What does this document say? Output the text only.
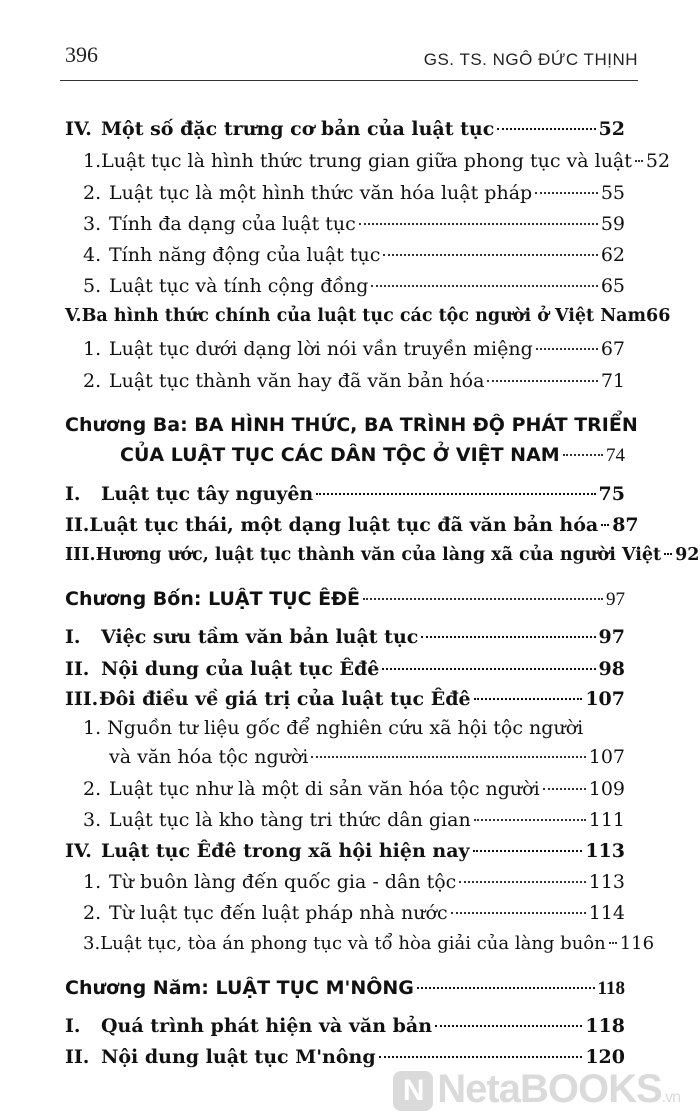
396	GS. TS. NGÔ ĐỨC THỊNH
IV. Một số đặc trưng cơ bản của luật tục	52
1. Luật tục là hình thức trung gian giữa phong tục và luật 52
2. Luật tục là một hình thức văn hóa luật pháp	55
3. Tính đa dạng của luật tục	59
4. Tính năng động của luật tục	62
5. Luật tục và tính cộng đồng	65
V. Ba hình thức chính của luật tục các tộc người ở Việt Nam 66
1. Luật tục dưới dạng lời nói vần truyền miệng	67
2. Luật tục thành văn hay đã văn bản hóa	71
Chương Ba: BA HÌNH THỨC, BA TRÌNH ĐỘ PHÁT TRIỂN
CỦA LUẬT TỤC CÁC DÂN TỘC Ở VIỆT NAM 74
I.	Luật tục tây nguyên	75
II. Luật tục thái, một dạng luật tục đã văn bản hóa 87
III. Hương ước, luật tục thành văn của làng xã của người Việt 92
Chương Bốn: LUẬT TỤC ÊĐÊ	97
I.	Việc sưu tầm văn bản luật tục	97
II. Nội dung của luật tục Êđê	98
III. Đôi điều về giá trị của luật tục Êđê	107
1. Nguồn tư liệu gốc để nghiên cứu xã hội tộc người
và văn hóa tộc người	107
2. Luật tục như là một di sản văn hóa tộc người	109
3. Luật tục là kho tàng tri thức dân gian	111
IV. Luật tục Êđê trong xã hội hiện nay	113
1. Từ buôn làng đến quốc gia - dân tộc	113
2. Từ luật tục đến luật pháp nhà nước	114
3. Luật tục, tòa án phong tục và tổ hòa giải của làng buôn 116
Chương Năm: LUẬT TỤC M'NÔNG	118
I.	Quá trình phát hiện và văn bản	118
II. Nội dung luật tục M'nông	120
N NetaBOOKS.vn
